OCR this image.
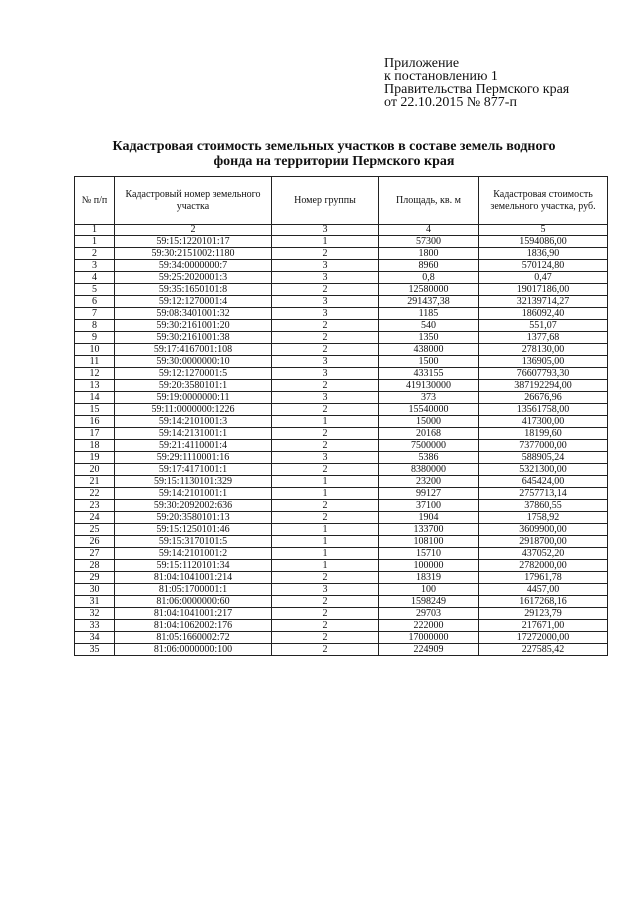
Приложение
к постановлению 1
Правительства Пермского края
от 22.10.2015 № 877-п
Кадастровая стоимость земельных участков в составе земель водного
фонда на территории Пермского края
№ п/п	Кадастровый номер земельного участка	Номер группы	Площадь, кв. м	Кадастровая стоимость земельного участка, руб.
1	2	3	4	5
1	59:15:1220101:17	1	57300	1594086,00
2	59:30:2151002:1180	2	1800	1836,90
3	59:34:0000000:7	3	8960	570124,80
4	59:25:2020001:3	3	0,8	0,47
5	59:35:1650101:8	2	12580000	19017186,00
6	59:12:1270001:4	3	291437,38	32139714,27
7	59:08:3401001:32	3	1185	186092,40
8	59:30:2161001:20	2	540	551,07
9	59:30:2161001:38	2	1350	1377,68
10	59:17:4167001:108	2	438000	278130,00
11	59:30:0000000:10	3	1500	136905,00
12	59:12:1270001:5	3	433155	76607793,30
13	59:20:3580101:1	2	419130000	387192294,00
14	59:19:0000000:11	3	373	26676,96
15	59:11:0000000:1226	2	15540000	13561758,00
16	59:14:2101001:3	1	15000	417300,00
17	59:14:2131001:1	2	20168	18199,60
18	59:21:4110001:4	2	7500000	7377000,00
19	59:29:1110001:16	3	5386	588905,24
20	59:17:4171001:1	2	8380000	5321300,00
21	59:15:1130101:329	1	23200	645424,00
22	59:14:2101001:1	1	99127	2757713,14
23	59:30:2092002:636	2	37100	37860,55
24	59:20:3580101:13	2	1904	1758,92
25	59:15:1250101:46	1	133700	3609900,00
26	59:15:3170101:5	1	108100	2918700,00
27	59:14:2101001:2	1	15710	437052,20
28	59:15:1120101:34	1	100000	2782000,00
29	81:04:1041001:214	2	18319	17961,78
30	81:05:1700001:1	3	100	4457,00
31	81:06:0000000:60	2	1598249	1617268,16
32	81:04:1041001:217	2	29703	29123,79
33	81:04:1062002:176	2	222000	217671,00
34	81:05:1660002:72	2	17000000	17272000,00
35	81:06:0000000:100	2	224909	227585,42
